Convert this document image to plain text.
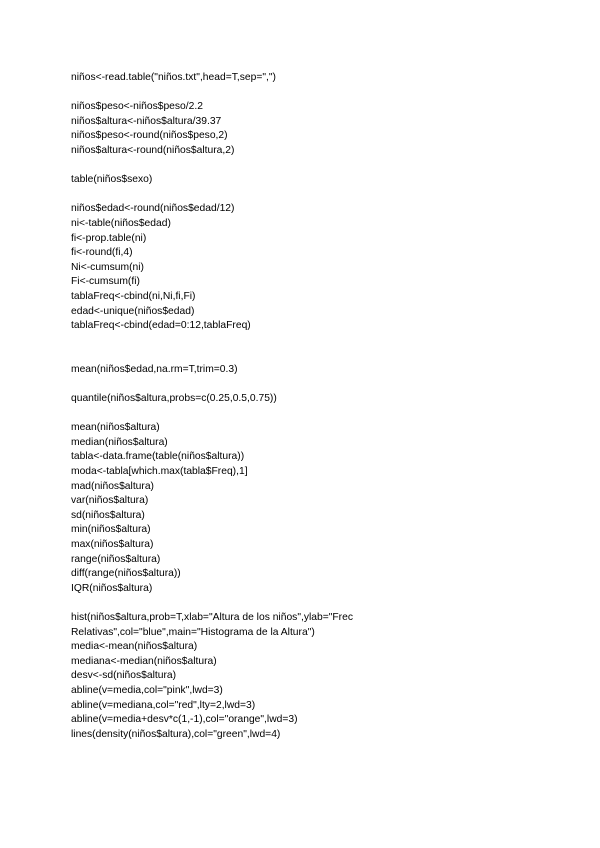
niños<-read.table("niños.txt",head=T,sep=",")
niños$peso<-niños$peso/2.2
niños$altura<-niños$altura/39.37
niños$peso<-round(niños$peso,2)
niños$altura<-round(niños$altura,2)
table(niños$sexo)
niños$edad<-round(niños$edad/12)
ni<-table(niños$edad)
fi<-prop.table(ni)
fi<-round(fi,4)
Ni<-cumsum(ni)
Fi<-cumsum(fi)
tablaFreq<-cbind(ni,Ni,fi,Fi)
edad<-unique(niños$edad)
tablaFreq<-cbind(edad=0:12,tablaFreq)
mean(niños$edad,na.rm=T,trim=0.3)
quantile(niños$altura,probs=c(0.25,0.5,0.75))
mean(niños$altura)
median(niños$altura)
tabla<-data.frame(table(niños$altura))
moda<-tabla[which.max(tabla$Freq),1]
mad(niños$altura)
var(niños$altura)
sd(niños$altura)
min(niños$altura)
max(niños$altura)
range(niños$altura)
diff(range(niños$altura))
IQR(niños$altura)
hist(niños$altura,prob=T,xlab="Altura de los niños",ylab="Frec
Relativas",col="blue",main="Histograma de la Altura")
media<-mean(niños$altura)
mediana<-median(niños$altura)
desv<-sd(niños$altura)
abline(v=media,col="pink",lwd=3)
abline(v=mediana,col="red",lty=2,lwd=3)
abline(v=media+desv*c(1,-1),col="orange",lwd=3)
lines(density(niños$altura),col="green",lwd=4)
